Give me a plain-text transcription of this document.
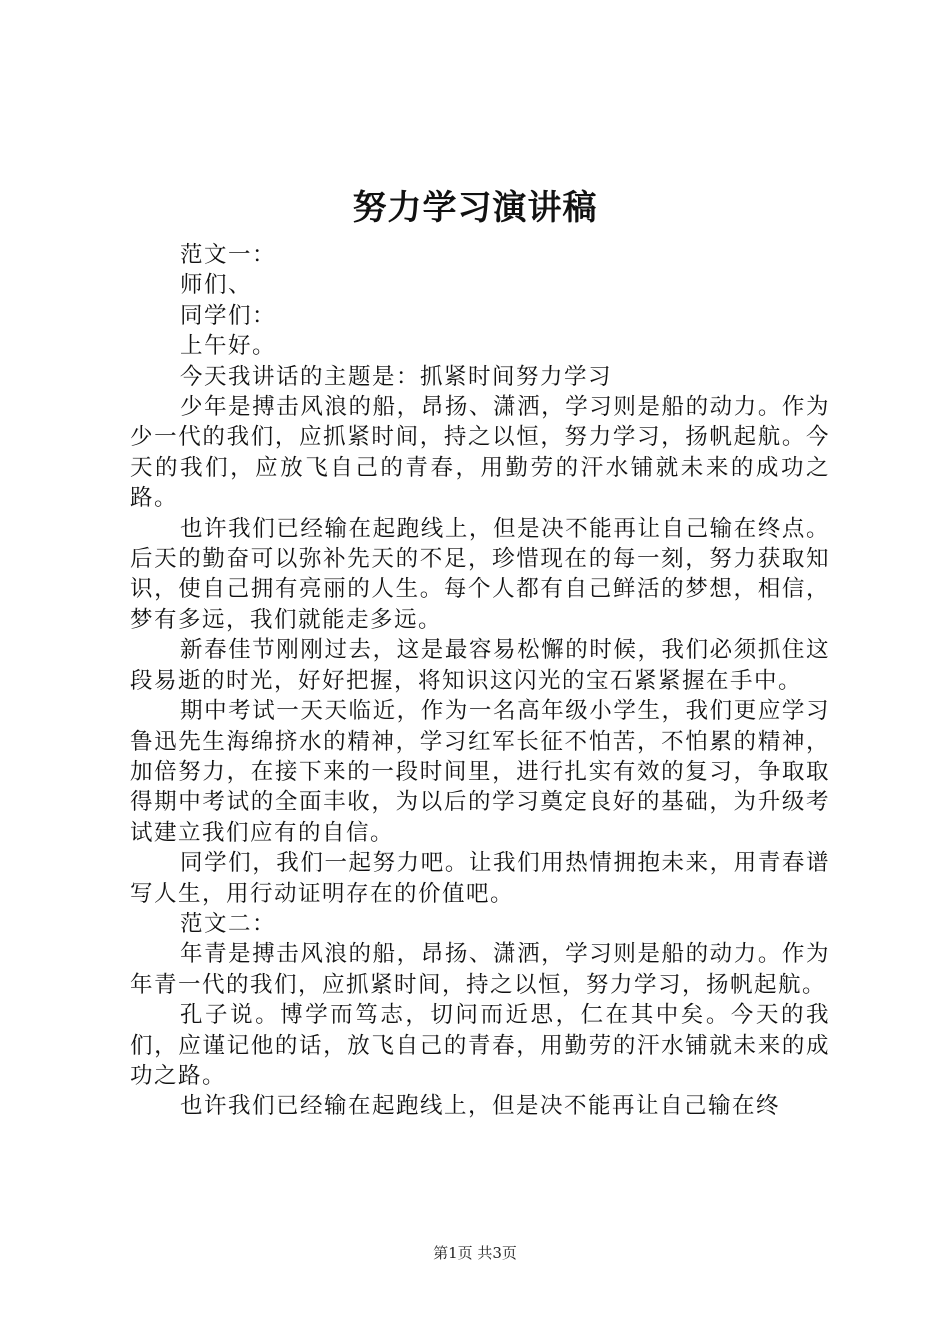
努力学习演讲稿

范文一：

师们、

同学们：

上午好。

今天我讲话的主题是：抓紧时间努力学习

少年是搏击风浪的船，昂扬、潇洒，学习则是船的动力。作为少一代的我们，应抓紧时间，持之以恒，努力学习，扬帆起航。今天的我们，应放飞自己的青春，用勤劳的汗水铺就未来的成功之路。

也许我们已经输在起跑线上，但是决不能再让自己输在终点。后天的勤奋可以弥补先天的不足，珍惜现在的每一刻，努力获取知识，使自己拥有亮丽的人生。每个人都有自己鲜活的梦想，相信，梦有多远，我们就能走多远。

新春佳节刚刚过去，这是最容易松懈的时候，我们必须抓住这段易逝的时光，好好把握，将知识这闪光的宝石紧紧握在手中。

期中考试一天天临近，作为一名高年级小学生，我们更应学习鲁迅先生海绵挤水的精神，学习红军长征不怕苦，不怕累的精神，加倍努力，在接下来的一段时间里，进行扎实有效的复习，争取取得期中考试的全面丰收，为以后的学习奠定良好的基础，为升级考试建立我们应有的自信。

同学们，我们一起努力吧。让我们用热情拥抱未来，用青春谱写人生，用行动证明存在的价值吧。

范文二：

年青是搏击风浪的船，昂扬、潇洒，学习则是船的动力。作为年青一代的我们，应抓紧时间，持之以恒，努力学习，扬帆起航。

孔子说。博学而笃志，切问而近思，仁在其中矣。今天的我们，应谨记他的话，放飞自己的青春，用勤劳的汗水铺就未来的成功之路。

也许我们已经输在起跑线上，但是决不能再让自己输在终

第1页 共3页
